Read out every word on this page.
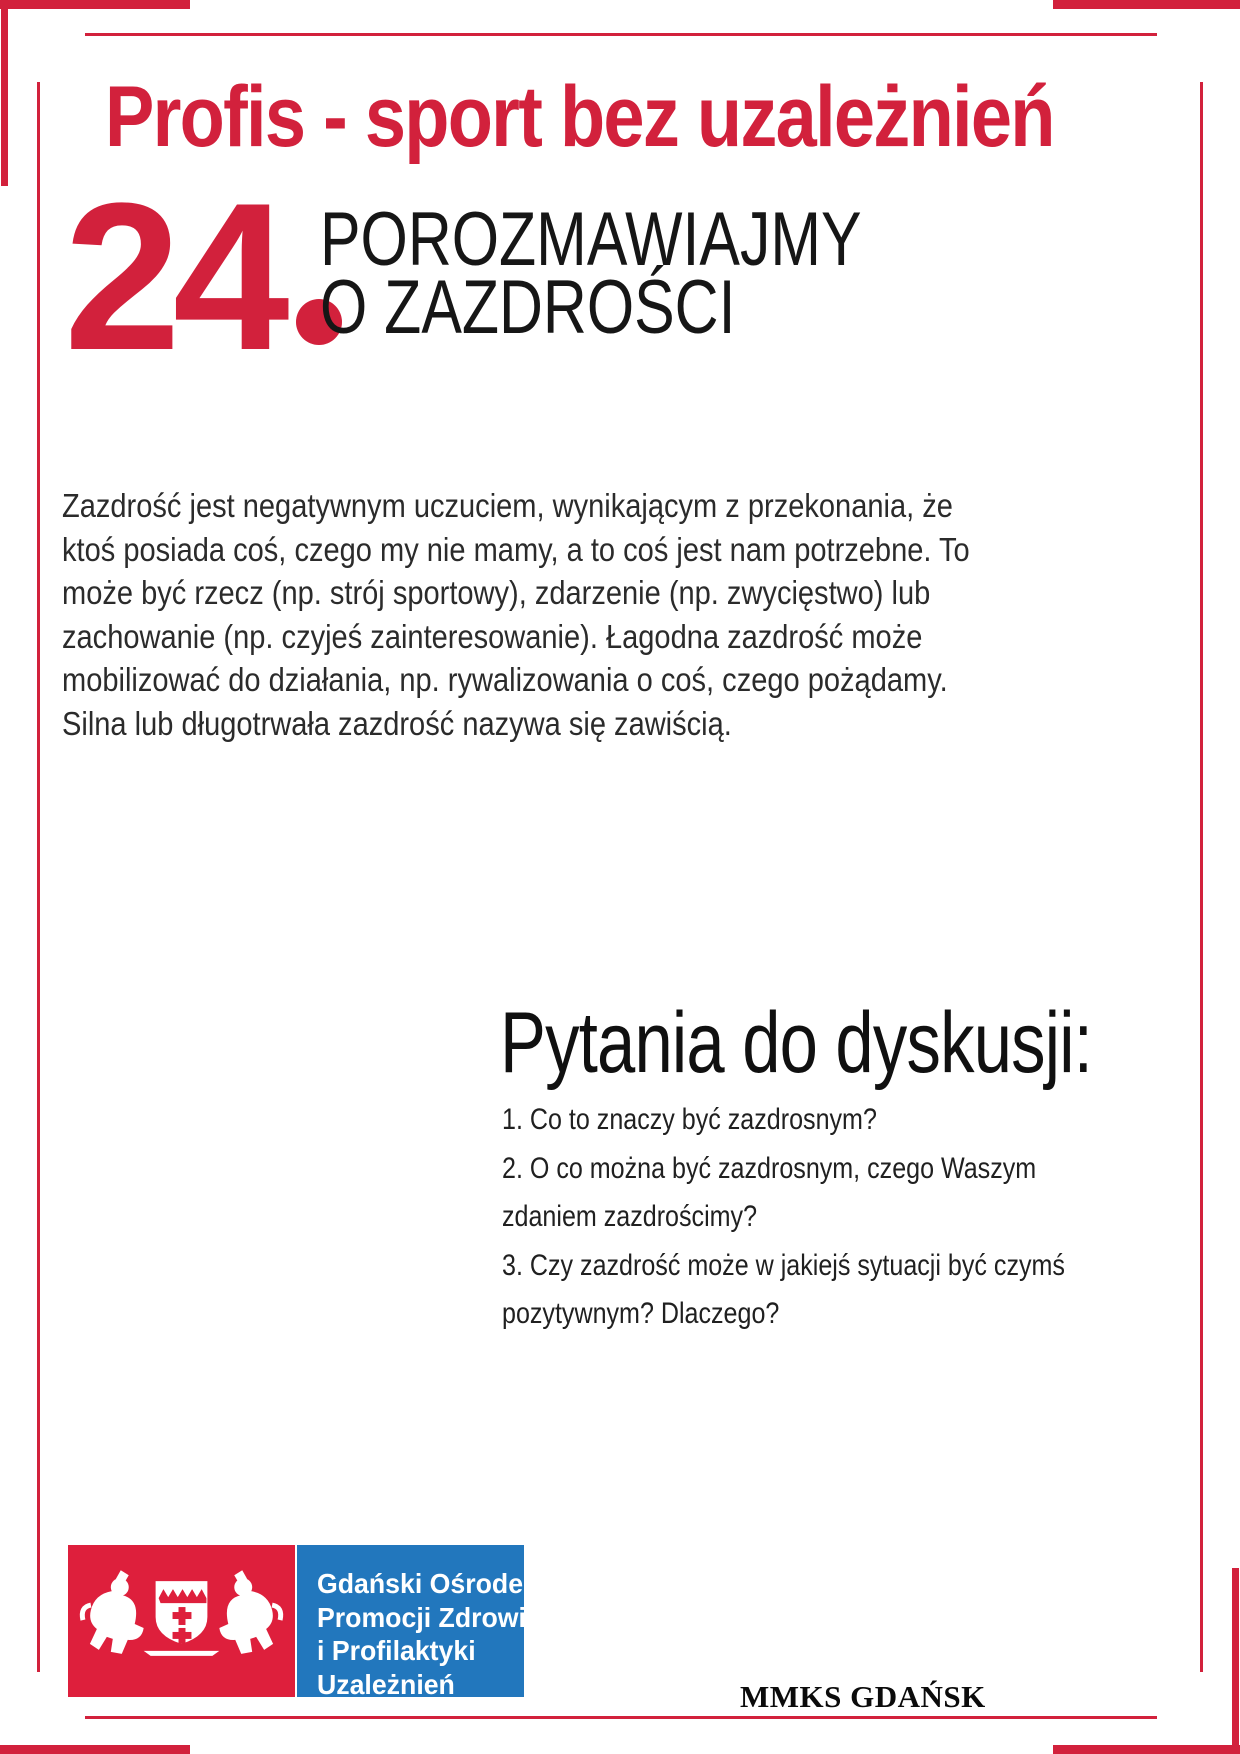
Profis - sport bez uzależnień
24 POROZMAWIAJMY
O ZAZDROŚCI
Zazdrość jest negatywnym uczuciem, wynikającym z przekonania, że
ktoś posiada coś, czego my nie mamy, a to coś jest nam potrzebne. To
może być rzecz (np. strój sportowy), zdarzenie (np. zwycięstwo) lub
zachowanie (np. czyjeś zainteresowanie). Łagodna zazdrość może
mobilizować do działania, np. rywalizowania o coś, czego pożądamy.
Silna lub długotrwała zazdrość nazywa się zawiścią.
Pytania do dyskusji:
1. Co to znaczy być zazdrosnym?
2. O co można być zazdrosnym, czego Waszym zdaniem zazdrościmy?
3. Czy zazdrość może w jakiejś sytuacji być czymś pozytywnym? Dlaczego?
Gdański Ośrodek
Promocji Zdrowia
i Profilaktyki
Uzależnień	MMKS GDAŃSK
